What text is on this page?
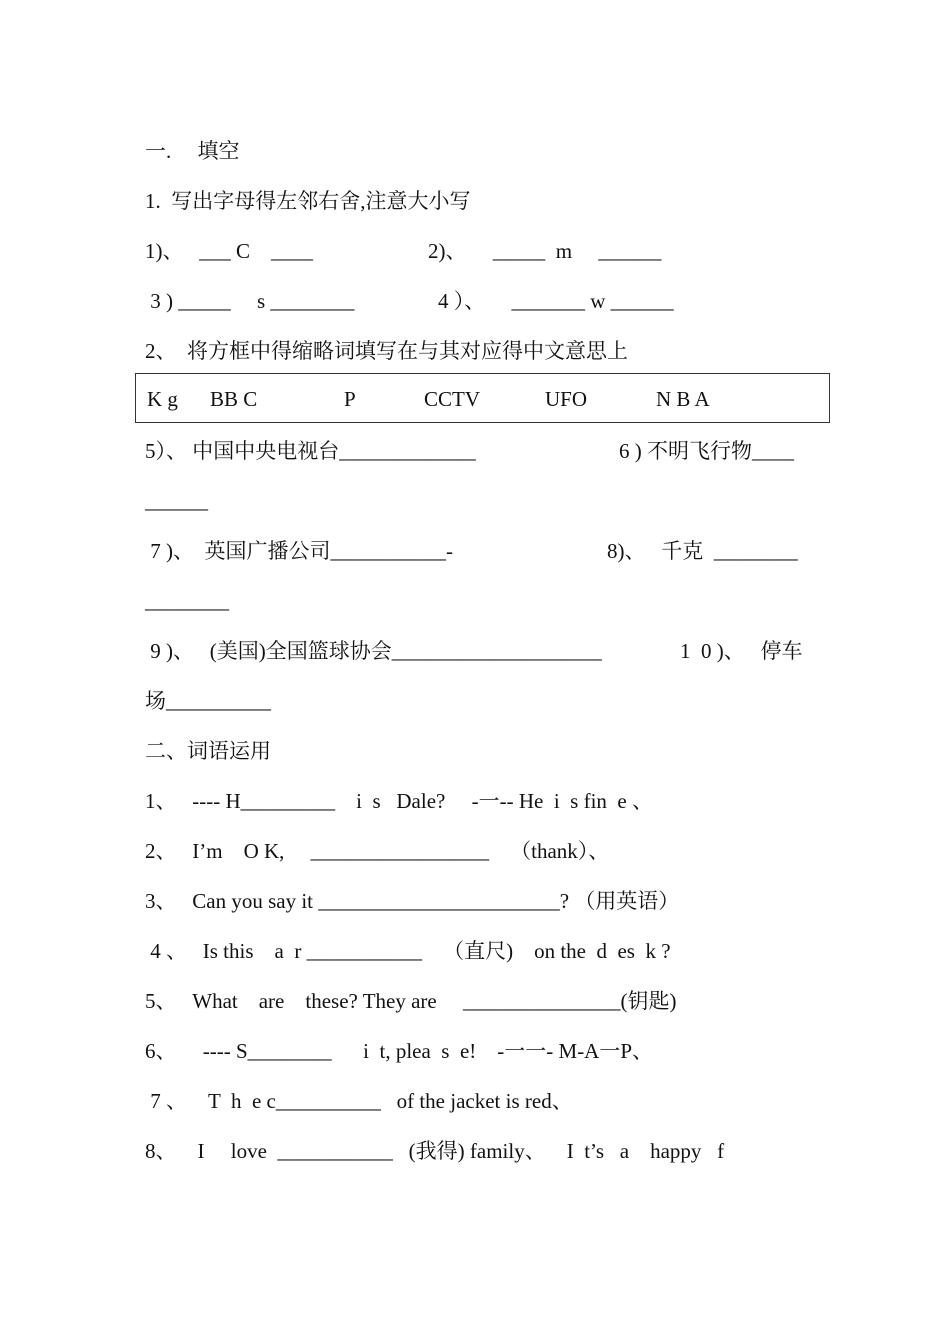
一.     填空
1.  写出字母得左邻右舍,注意大小写
1)、   ___ C    ____	2)、     _____  m     ______
3 ) _____     s ________	4 ）、     _______ w ______
2、  将方框中得缩略词填写在与其对应得中文意思上
K g BB C	P	CCTV	UFO	N B A
5）、 中国中央电视台_____________	6 ) 不明飞行物____
______
7 )、  英国广播公司___________-	8)、   千克  ________
________
9 )、   (美国)全国篮球协会____________________	1  0 )、   停车
场__________
二、词语运用
1、   ---- H_________    i  s   Dale?     -一-- He  i  s fin  e 、
2、   I’m    O K,     _________________    （thank）、
3、   Can you say it _______________________? （用英语）
4 、   Is this    a  r ___________    （直尺)    on the  d  es  k ?
5、   What    are    these? They are     _______________(钥匙)
6、     ---- S________      i  t, plea  s  e!    -一一- M-A一P、
7 、    T  h  e c__________   of the jacket is red、
8、    I     love  ___________   (我得) family、    I  t’s   a    happy   f
